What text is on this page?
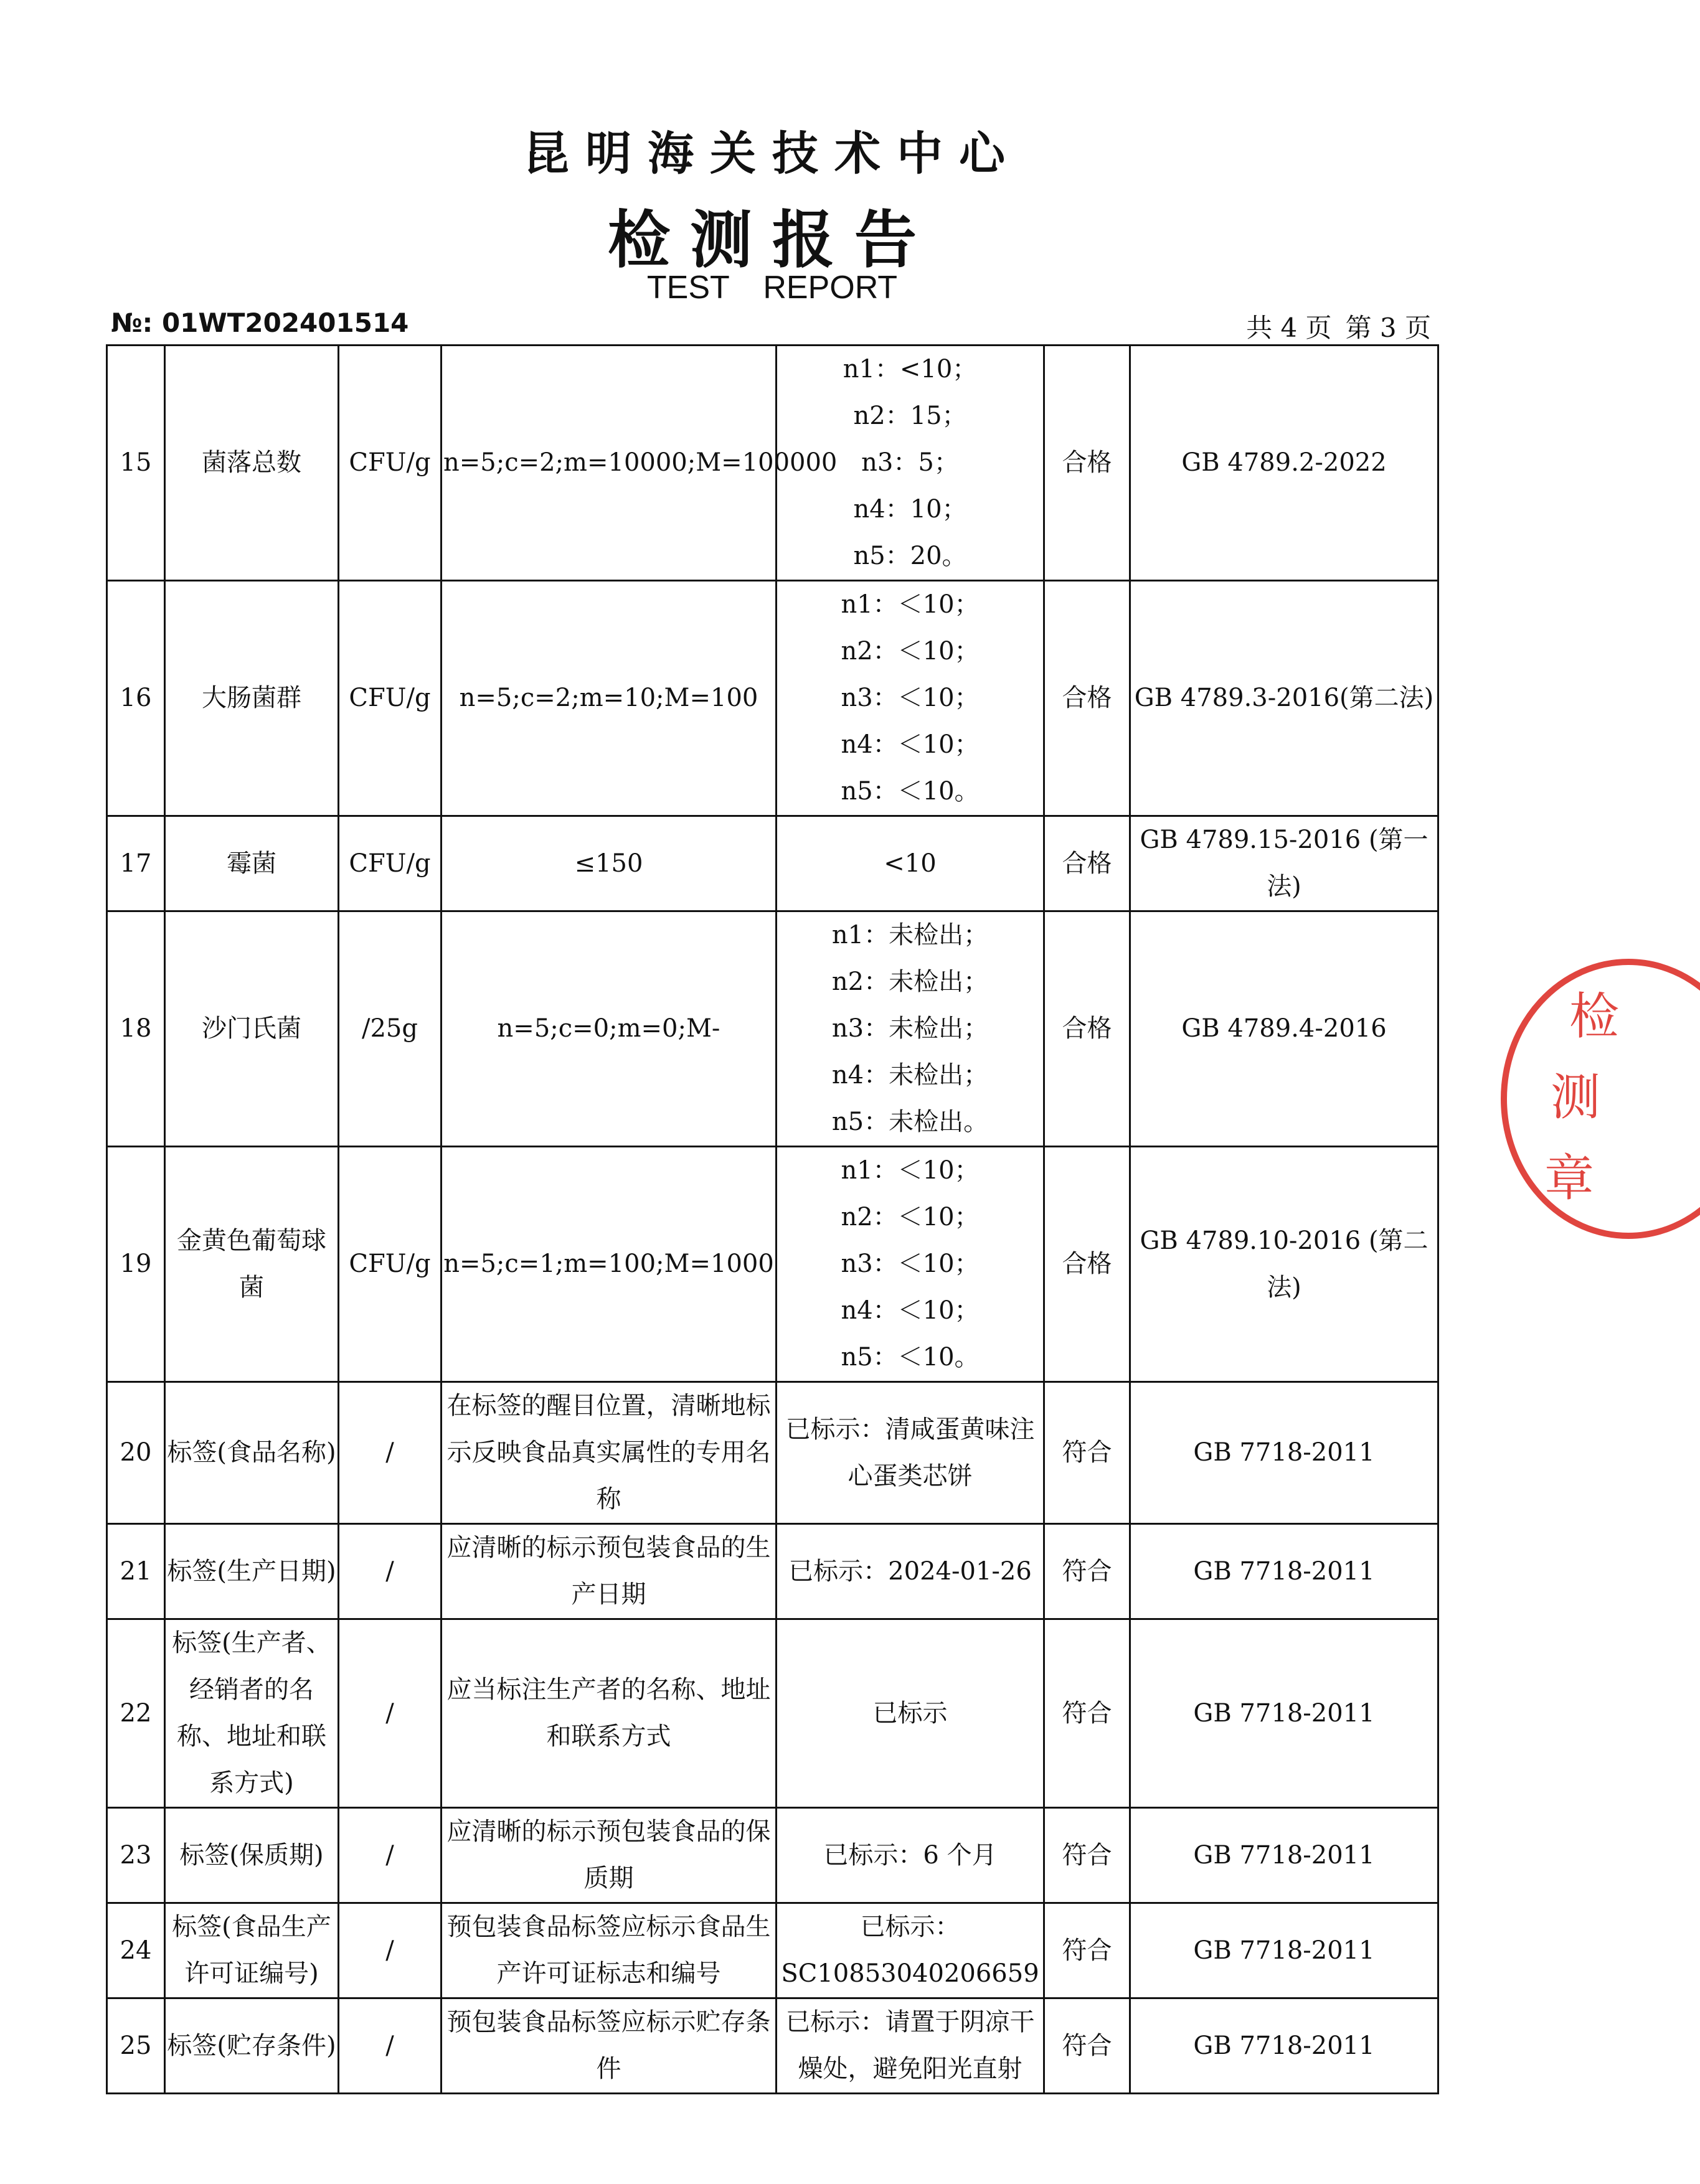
昆明海关技术中心
检测报告
TEST REPORT
№: 01WT202401514	共 4 页 第 3 页
15	菌落总数	CFU/g	n=5;c=2;m=10000;M=100000	n1：<10；
n2：15；
n3：5；
n4：10；
n5：20。	合格	GB 4789.2-2022
16	大肠菌群	CFU/g	n=5;c=2;m=10;M=100	n1：＜10；
n2：＜10；
n3：＜10；
n4：＜10；
n5：＜10。	合格	GB 4789.3-2016(第二法)
17	霉菌	CFU/g	≤150	<10	合格	GB 4789.15-2016 (第一法)
18	沙门氏菌	/25g	n=5;c=0;m=0;M-	n1：未检出；
n2：未检出；
n3：未检出；
n4：未检出；
n5：未检出。	合格	GB 4789.4-2016
19	金黄色葡萄球菌	CFU/g	n=5;c=1;m=100;M=1000	n1：＜10；
n2：＜10；
n3：＜10；
n4：＜10；
n5：＜10。	合格	GB 4789.10-2016 (第二法)
20	标签(食品名称)	/	在标签的醒目位置，清晰地标示反映食品真实属性的专用名称	已标示：清咸蛋黄味注心蛋类芯饼	符合	GB 7718-2011
21	标签(生产日期)	/	应清晰的标示预包装食品的生产日期	已标示：2024-01-26	符合	GB 7718-2011
22	标签(生产者、经销者的名称、地址和联系方式)	/	应当标注生产者的名称、地址和联系方式	已标示	符合	GB 7718-2011
23	标签(保质期)	/	应清晰的标示预包装食品的保质期	已标示：6 个月	符合	GB 7718-2011
24	标签(食品生产许可证编号)	/	预包装食品标签应标示食品生产许可证标志和编号	已标示：SC10853040206659	符合	GB 7718-2011
25	标签(贮存条件)	/	预包装食品标签应标示贮存条件	已标示：请置于阴凉干燥处，避免阳光直射	符合	GB 7718-2011
检
测
章
